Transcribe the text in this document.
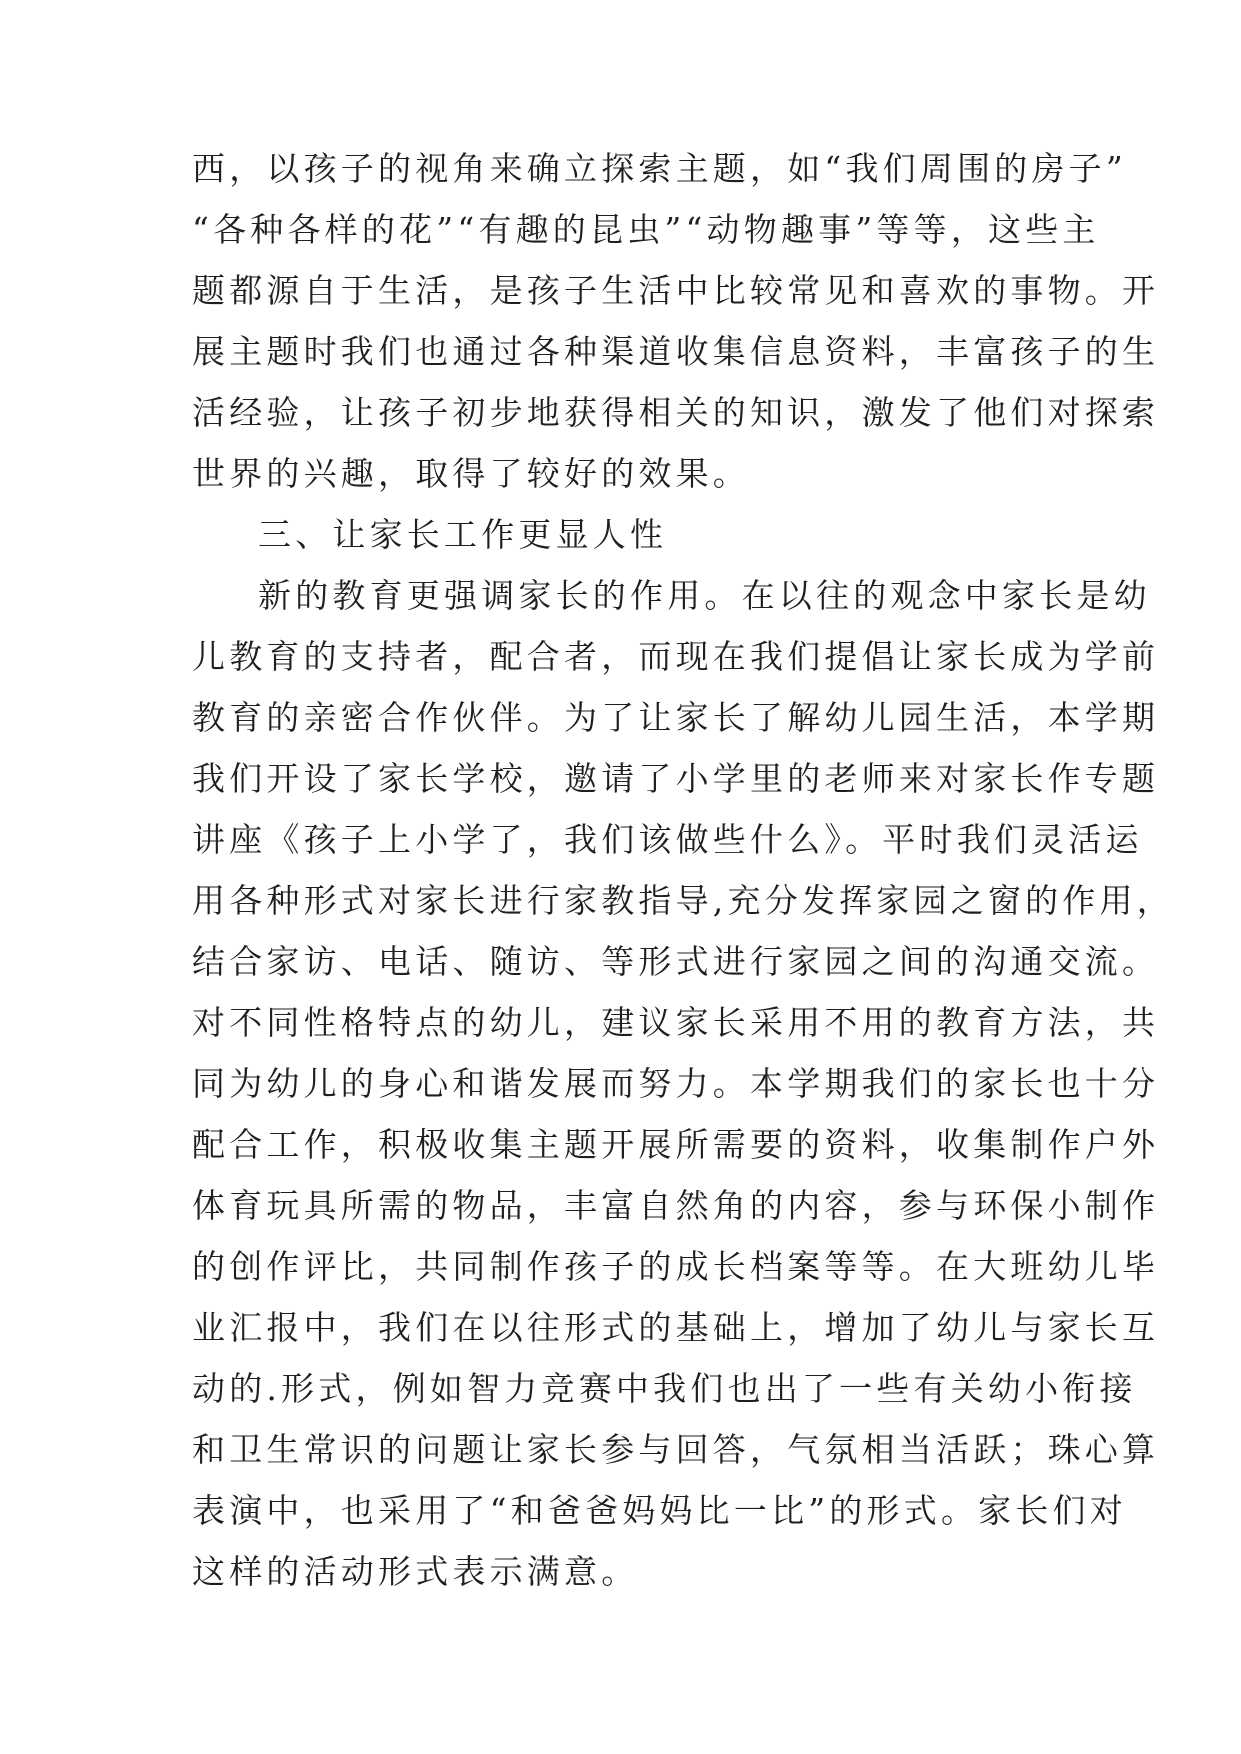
西，以孩子的视角来确立探索主题，如“我们周围的房子”

“各种各样的花”“有趣的昆虫”“动物趣事”等等，这些主

题都源自于生活，是孩子生活中比较常见和喜欢的事物。开

展主题时我们也通过各种渠道收集信息资料，丰富孩子的生

活经验，让孩子初步地获得相关的知识，激发了他们对探索

世界的兴趣，取得了较好的效果。

三、让家长工作更显人性

新的教育更强调家长的作用。在以往的观念中家长是幼

儿教育的支持者，配合者，而现在我们提倡让家长成为学前

教育的亲密合作伙伴。为了让家长了解幼儿园生活，本学期

我们开设了家长学校，邀请了小学里的老师来对家长作专题

讲座《孩子上小学了，我们该做些什么》。平时我们灵活运

用各种形式对家长进行家教指导,充分发挥家园之窗的作用，

结合家访、电话、随访、等形式进行家园之间的沟通交流。

对不同性格特点的幼儿，建议家长采用不用的教育方法，共

同为幼儿的身心和谐发展而努力。本学期我们的家长也十分

配合工作，积极收集主题开展所需要的资料，收集制作户外

体育玩具所需的物品，丰富自然角的内容，参与环保小制作

的创作评比，共同制作孩子的成长档案等等。在大班幼儿毕

业汇报中，我们在以往形式的基础上，增加了幼儿与家长互

动的.形式，例如智力竞赛中我们也出了一些有关幼小衔接

和卫生常识的问题让家长参与回答，气氛相当活跃；珠心算

表演中，也采用了“和爸爸妈妈比一比”的形式。家长们对

这样的活动形式表示满意。
